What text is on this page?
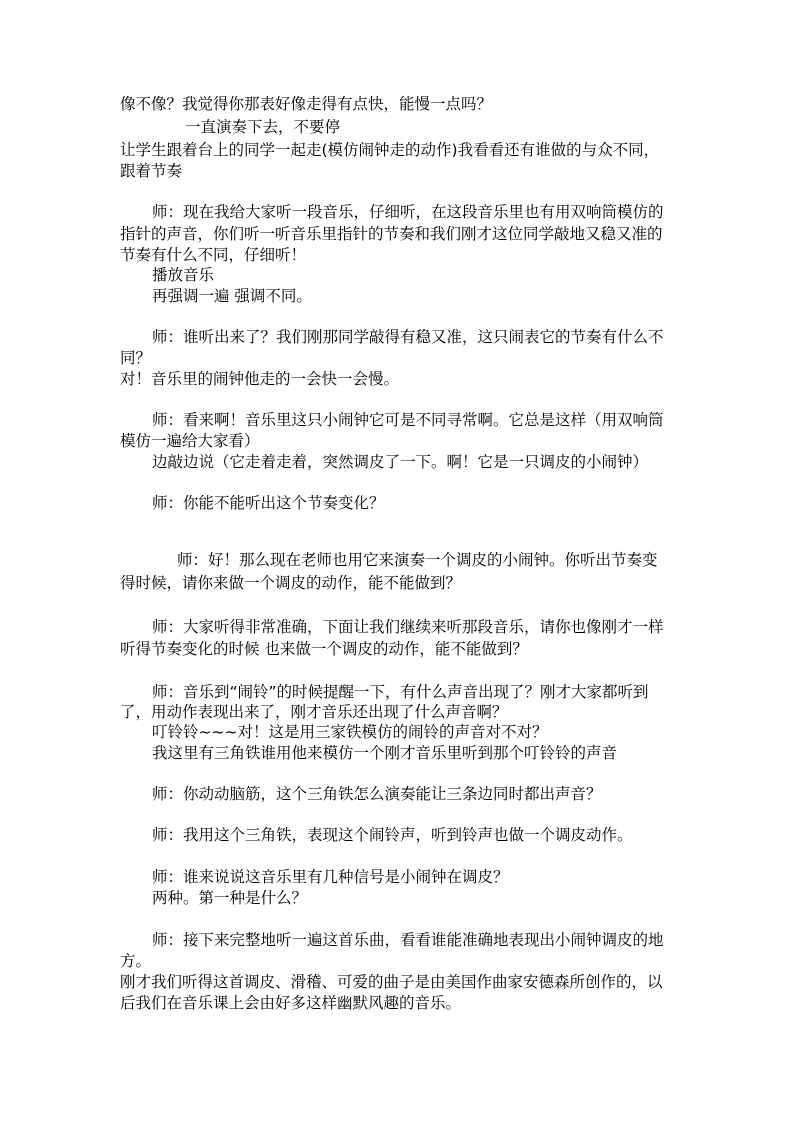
像不像？我觉得你那表好像走得有点快，能慢一点吗？
一直演奏下去，不要停
让学生跟着台上的同学一起走(模仿闹钟走的动作)我看看还有谁做的与众不同，
跟着节奏
师：现在我给大家听一段音乐，仔细听，在这段音乐里也有用双响筒模仿的
指针的声音，你们听一听音乐里指针的节奏和我们刚才这位同学敲地又稳又准的
节奏有什么不同，仔细听！
播放音乐
再强调一遍 强调不同。
师：谁听出来了？我们刚那同学敲得有稳又准，这只闹表它的节奏有什么不
同？
对！音乐里的闹钟他走的一会快一会慢。
师：看来啊！音乐里这只小闹钟它可是不同寻常啊。它总是这样（用双响筒
模仿一遍给大家看）
边敲边说（它走着走着，突然调皮了一下。啊！它是一只调皮的小闹钟）
师：你能不能听出这个节奏变化？
师：好！那么现在老师也用它来演奏一个调皮的小闹钟。你听出节奏变
得时候，请你来做一个调皮的动作，能不能做到？
师：大家听得非常准确，下面让我们继续来听那段音乐，请你也像刚才一样
听得节奏变化的时候 也来做一个调皮的动作，能不能做到？
师：音乐到“闹铃”的时候提醒一下，有什么声音出现了？刚才大家都听到
了，用动作表现出来了，刚才音乐还出现了什么声音啊？
叮铃铃~~~对！这是用三家铁模仿的闹铃的声音对不对？
我这里有三角铁谁用他来模仿一个刚才音乐里听到那个叮铃铃的声音
师：你动动脑筋，这个三角铁怎么演奏能让三条边同时都出声音？
师：我用这个三角铁，表现这个闹铃声，听到铃声也做一个调皮动作。
师：谁来说说这音乐里有几种信号是小闹钟在调皮？
两种。第一种是什么？
师：接下来完整地听一遍这首乐曲，看看谁能准确地表现出小闹钟调皮的地
方。
刚才我们听得这首调皮、滑稽、可爱的曲子是由美国作曲家安德森所创作的，以
后我们在音乐课上会由好多这样幽默风趣的音乐。
